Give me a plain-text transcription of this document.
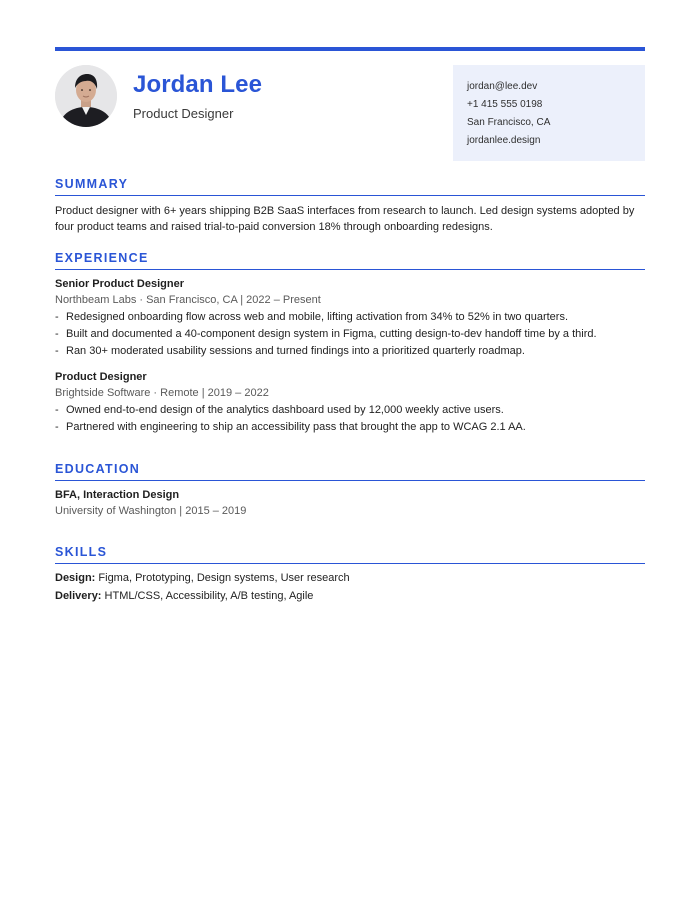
Jordan Lee
Product Designer
jordan@lee.dev
+1 415 555 0198
San Francisco, CA
jordanlee.design
SUMMARY
Product designer with 6+ years shipping B2B SaaS interfaces from research to launch. Led design systems adopted by four product teams and raised trial-to-paid conversion 18% through onboarding redesigns.
EXPERIENCE
Senior Product Designer
Northbeam Labs · San Francisco, CA | 2022 – Present
- Redesigned onboarding flow across web and mobile, lifting activation from 34% to 52% in two quarters.
- Built and documented a 40-component design system in Figma, cutting design-to-dev handoff time by a third.
- Ran 30+ moderated usability sessions and turned findings into a prioritized quarterly roadmap.
Product Designer
Brightside Software · Remote | 2019 – 2022
- Owned end-to-end design of the analytics dashboard used by 12,000 weekly active users.
- Partnered with engineering to ship an accessibility pass that brought the app to WCAG 2.1 AA.
EDUCATION
BFA, Interaction Design
University of Washington | 2015 – 2019
SKILLS
Design: Figma, Prototyping, Design systems, User research
Delivery: HTML/CSS, Accessibility, A/B testing, Agile
